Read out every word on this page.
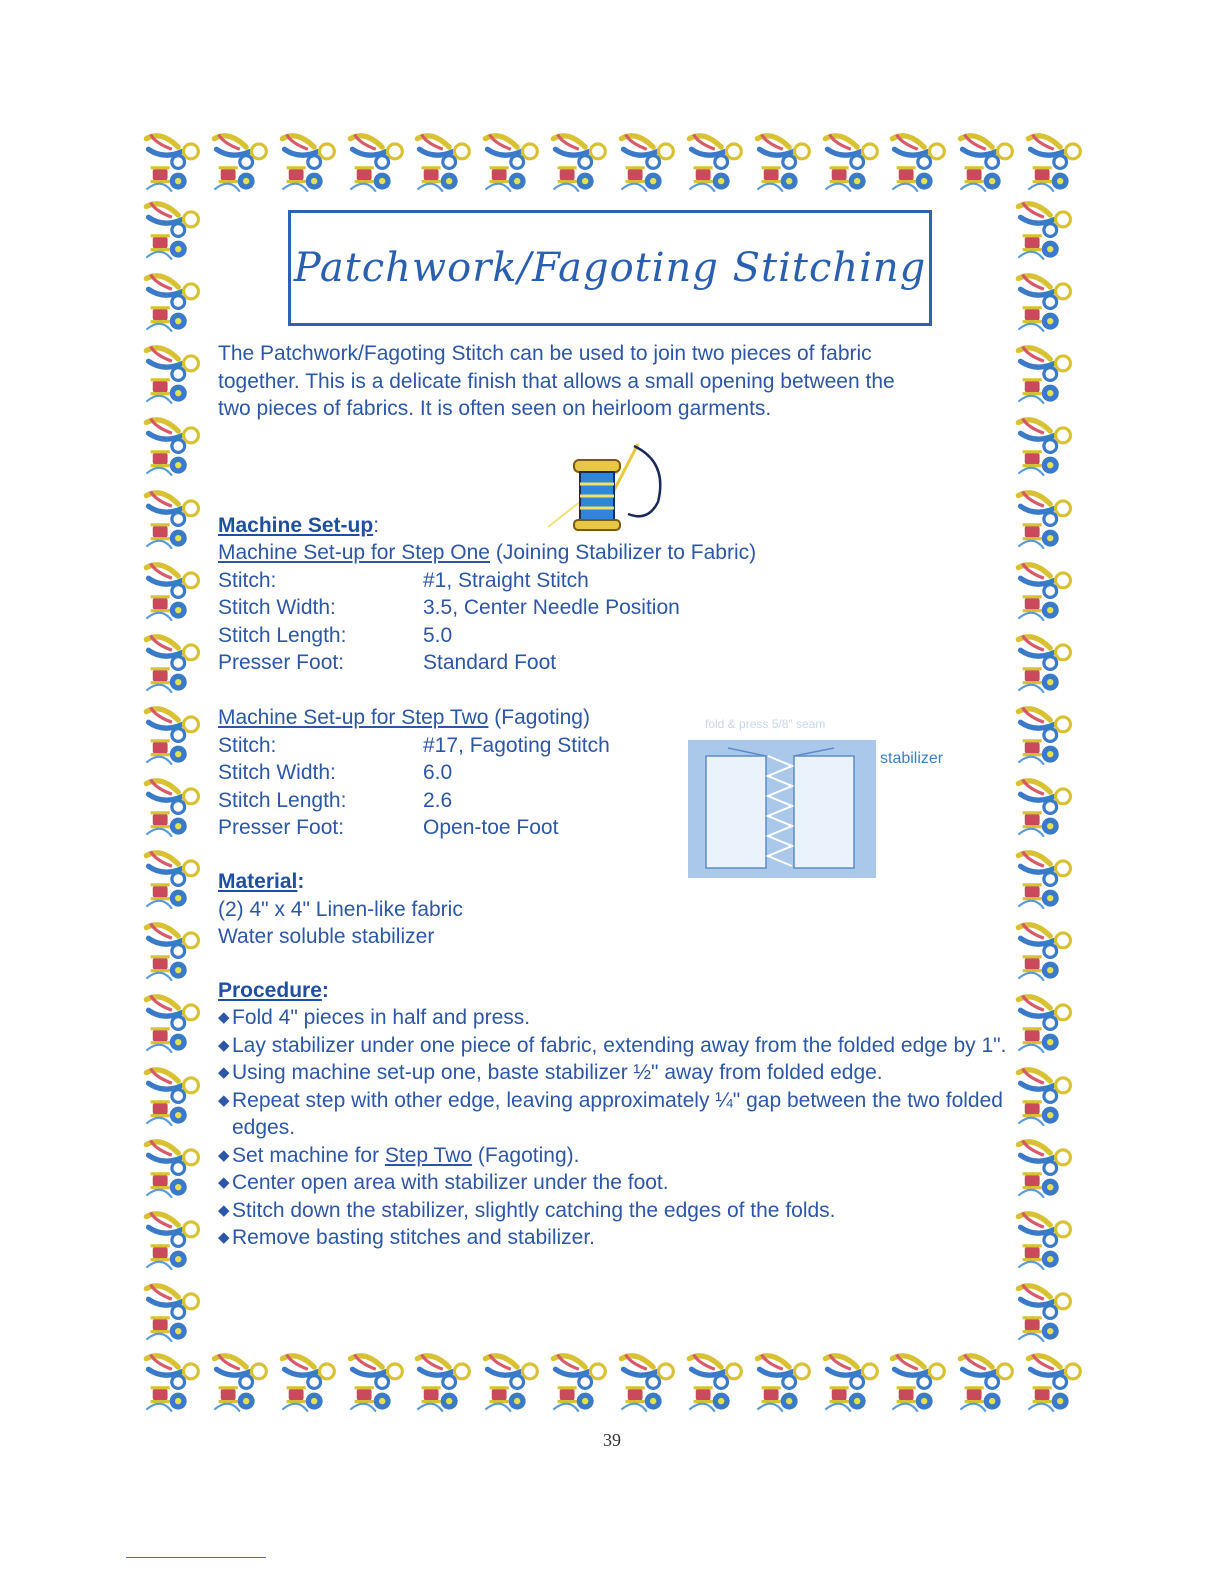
Patchwork/Fagoting Stitching
The Patchwork/Fagoting Stitch can be used to join two pieces of fabric
together. This is a delicate finish that allows a small opening between the
two pieces of fabrics. It is often seen on heirloom garments.
Machine Set-up:
Machine Set-up for Step One (Joining Stabilizer to Fabric)
Stitch:	#1, Straight Stitch
Stitch Width:	3.5, Center Needle Position
Stitch Length:	5.0
Presser Foot:	Standard Foot
Machine Set-up for Step Two (Fagoting)
Stitch:	#17, Fagoting Stitch
Stitch Width:	6.0
Stitch Length:	2.6
Presser Foot:	Open-toe Foot
fold & press 5/8" seam
stabilizer
Material:
(2) 4" x 4" Linen-like fabric
Water soluble stabilizer
Procedure:
◆ Fold 4" pieces in half and press.
◆ Lay stabilizer under one piece of fabric, extending away from the folded edge by 1".
◆ Using machine set-up one, baste stabilizer ½" away from folded edge.
◆ Repeat step with other edge, leaving approximately ¼" gap between the two folded edges.
◆ Set machine for Step Two (Fagoting).
◆ Center open area with stabilizer under the foot.
◆ Stitch down the stabilizer, slightly catching the edges of the folds.
◆ Remove basting stitches and stabilizer.
39
